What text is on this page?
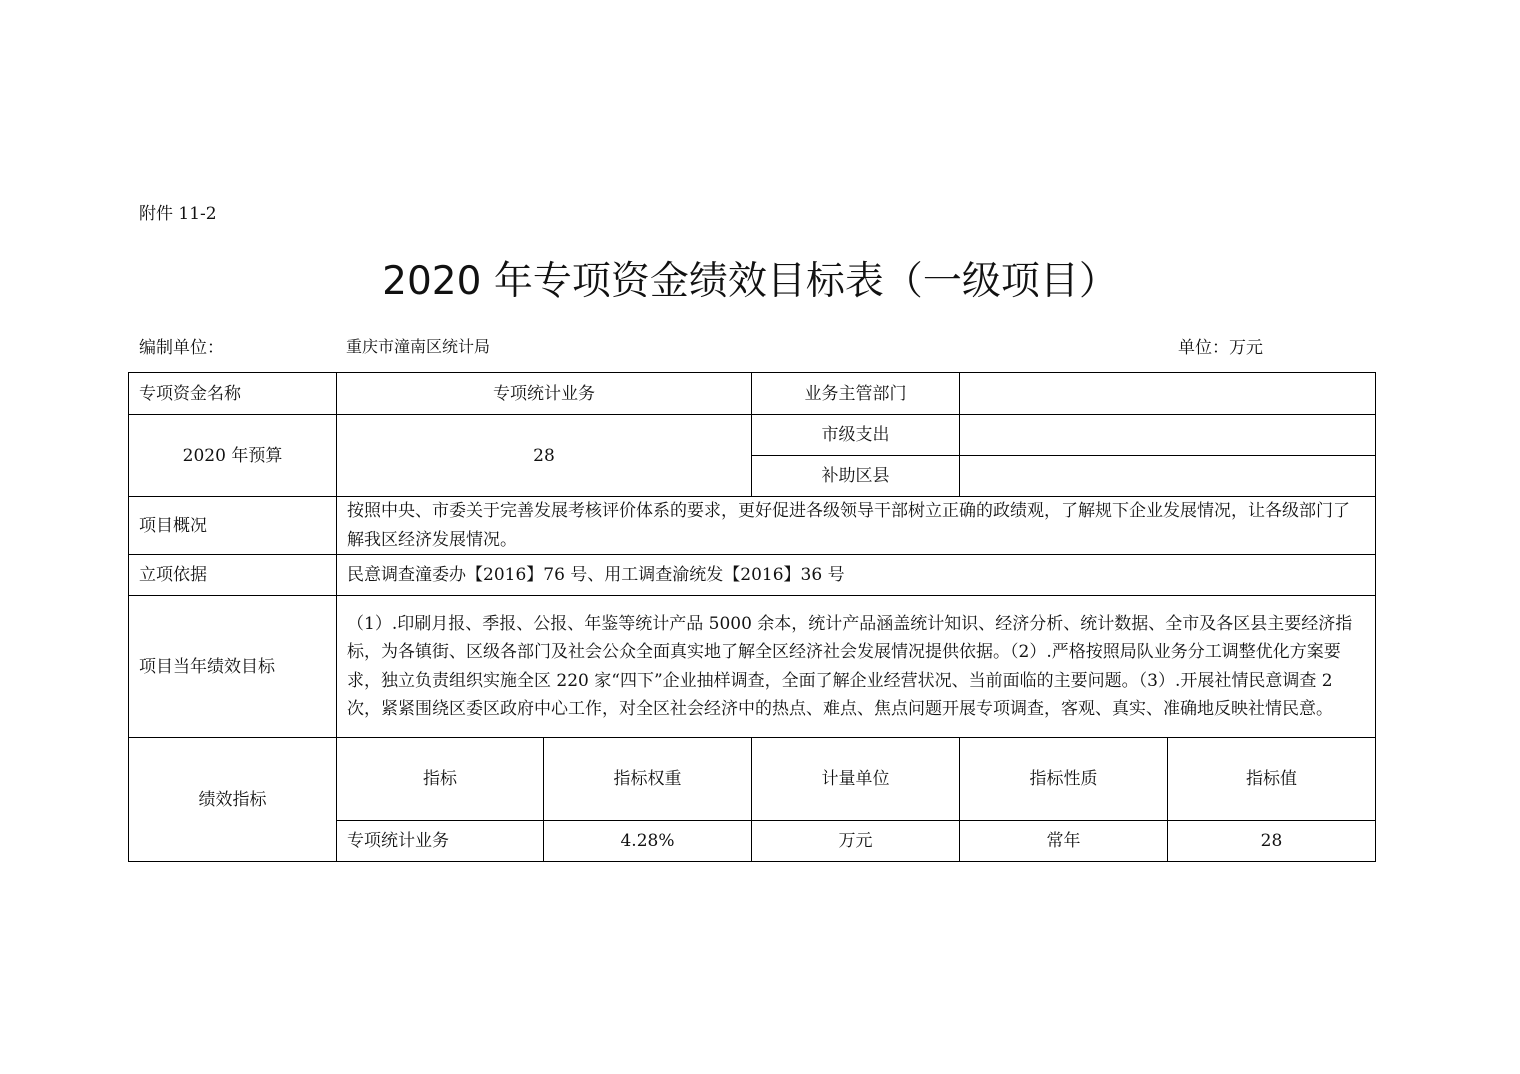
附件 11-2
2020 年专项资金绩效目标表（一级项目）
编制单位：	重庆市潼南区统计局	单位：万元
专项资金名称	专项统计业务		业务主管部门		
2020 年预算	28		市级支出		
			补助区县		
项目概况	按照中央、市委关于完善发展考核评价体系的要求，更好促进各级领导干部树立正确的政绩观，了解规下企业发展情况，让各级部门了解我区经济发展情况。				
立项依据	民意调查潼委办【2016】76 号、用工调查渝统发【2016】36 号				
项目当年绩效目标	（1）.印刷月报、季报、公报、年鉴等统计产品 5000 余本，统计产品涵盖统计知识、经济分析、统计数据、全市及各区县主要经济指标，为各镇街、区级各部门及社会公众全面真实地了解全区经济社会发展情况提供依据。（2）.严格按照局队业务分工调整优化方案要求，独立负责组织实施全区 220 家“四下”企业抽样调查，全面了解企业经营状况、当前面临的主要问题。（3）.开展社情民意调查 2 次，紧紧围绕区委区政府中心工作，对全区社会经济中的热点、难点、焦点问题开展专项调查，客观、真实、准确地反映社情民意。				
绩效指标	指标	指标权重	计量单位	指标性质	指标值
	专项统计业务	4.28%	万元	常年	28
